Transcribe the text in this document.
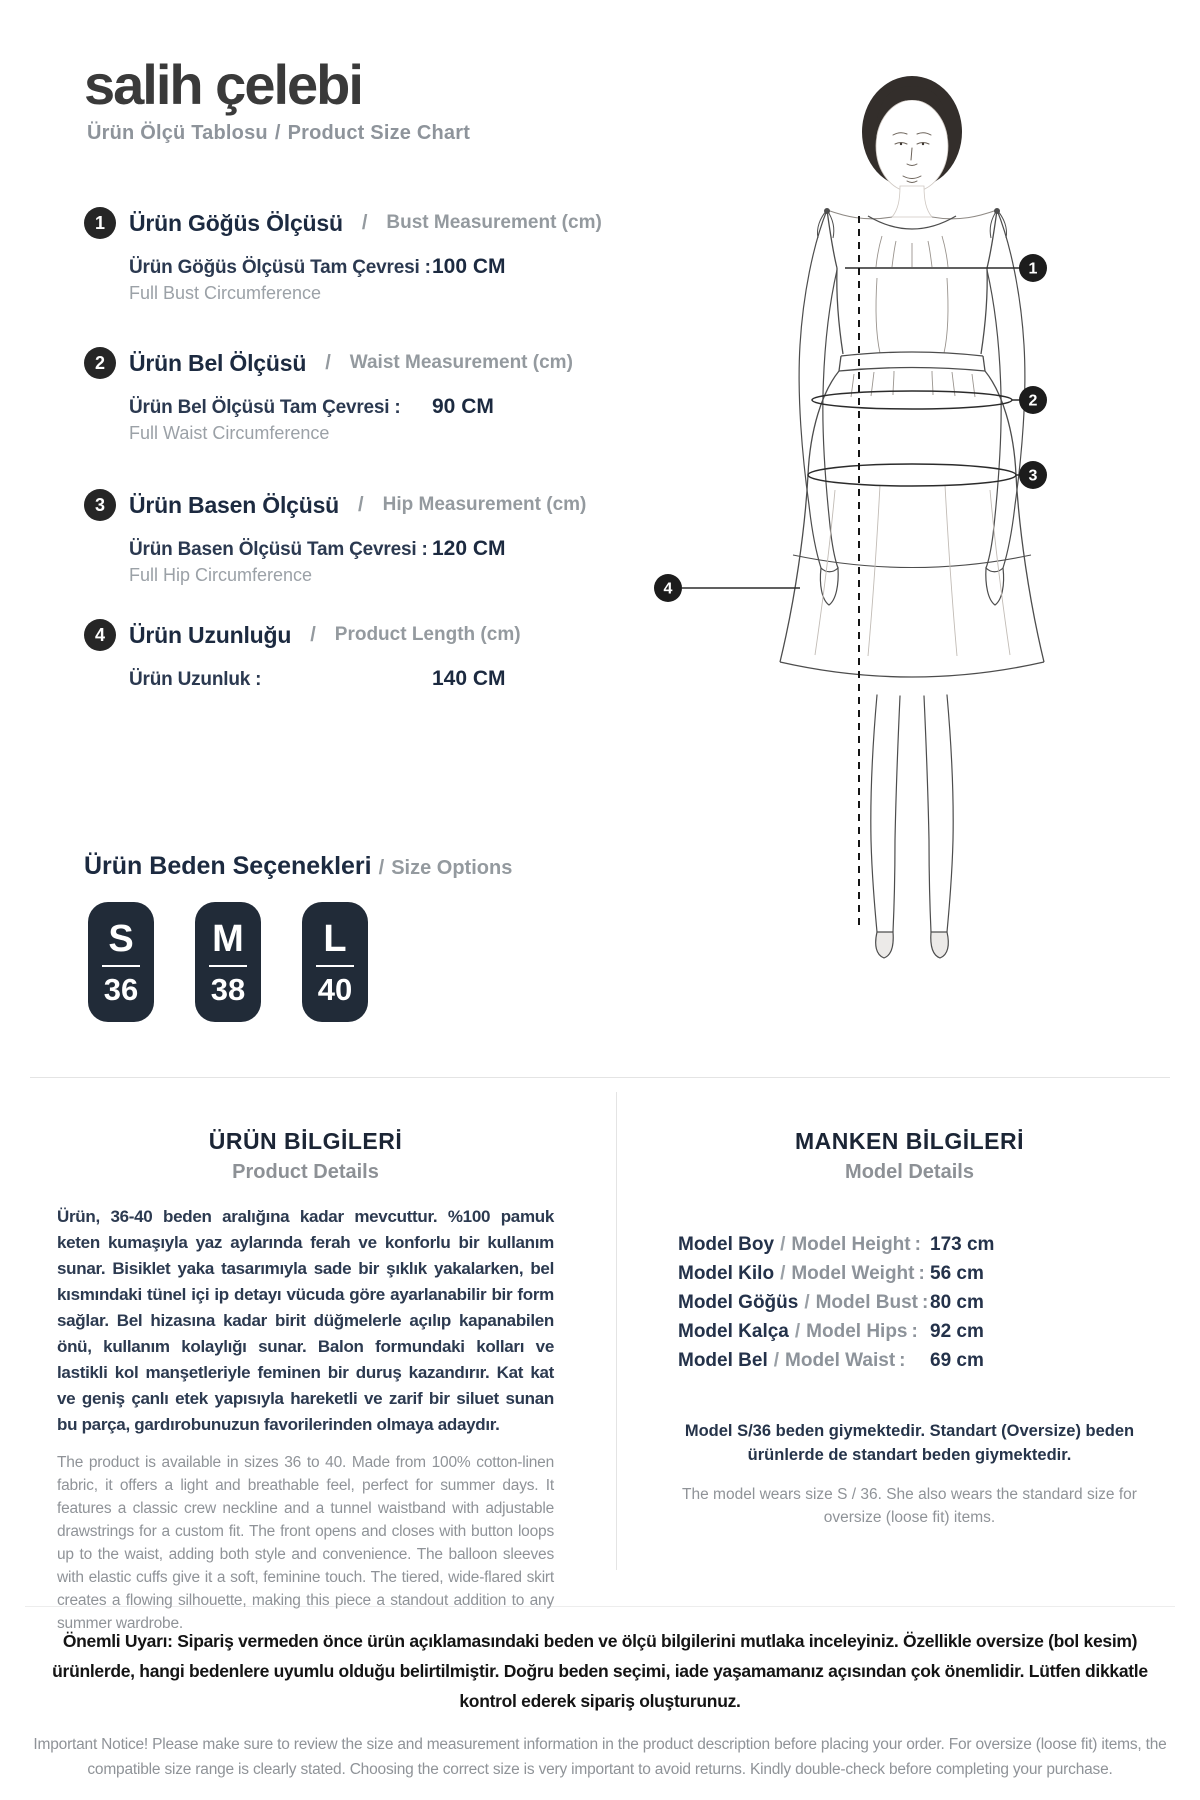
salih çelebi
Ürün Ölçü Tablosu / Product Size Chart
1	Ürün Göğüs Ölçüsü / Bust Measurement (cm)
Ürün Göğüs Ölçüsü Tam Çevresi : 100 CM
Full Bust Circumference
2	Ürün Bel Ölçüsü / Waist Measurement (cm)
Ürün Bel Ölçüsü Tam Çevresi :	90 CM
Full Waist Circumference
3	Ürün Basen Ölçüsü / Hip Measurement (cm)
Ürün Basen Ölçüsü Tam Çevresi : 120 CM
Full Hip Circumference
4	Ürün Uzunluğu / Product Length (cm)
Ürün Uzunluk :	140 CM
Ürün Beden Seçenekleri / Size Options
S
36
M
38
L
40
1
2
3
4
ÜRÜN BİLGİLERİ
Product Details
Ürün, 36-40 beden aralığına kadar mevcuttur. %100 pamuk keten kumaşıyla yaz aylarında ferah ve konforlu bir kullanım sunar. Bisiklet yaka tasarımıyla sade bir şıklık yakalarken, bel kısmındaki tünel içi ip detayı vücuda göre ayarlanabilir bir form sağlar. Bel hizasına kadar birit düğmelerle açılıp kapanabilen önü, kullanım kolaylığı sunar. Balon formundaki kolları ve lastikli kol manşetleriyle feminen bir duruş kazandırır. Kat kat ve geniş çanlı etek yapısıyla hareketli ve zarif bir siluet sunan bu parça, gardırobunuzun favorilerinden olmaya adaydır.
The product is available in sizes 36 to 40. Made from 100% cotton-linen fabric, it offers a light and breathable feel, perfect for summer days. It features a classic crew neckline and a tunnel waistband with adjustable drawstrings for a custom fit. The front opens and closes with button loops up to the waist, adding both style and convenience. The balloon sleeves with elastic cuffs give it a soft, feminine touch. The tiered, wide-flared skirt creates a flowing silhouette, making this piece a standout addition to any summer wardrobe.
MANKEN BİLGİLERİ
Model Details
Model Boy / Model Height : 173 cm
Model Kilo / Model Weight : 56 cm
Model Göğüs / Model Bust : 80 cm
Model Kalça / Model Hips : 92 cm
Model Bel / Model Waist :	69 cm
Model S/36 beden giymektedir. Standart (Oversize) beden ürünlerde de standart beden giymektedir.
The model wears size S / 36. She also wears the standard size for oversize (loose fit) items.
Önemli Uyarı: Sipariş vermeden önce ürün açıklamasındaki beden ve ölçü bilgilerini mutlaka inceleyiniz. Özellikle oversize (bol kesim) ürünlerde, hangi bedenlere uyumlu olduğu belirtilmiştir. Doğru beden seçimi, iade yaşamamanız açısından çok önemlidir. Lütfen dikkatle kontrol ederek sipariş oluşturunuz.
Important Notice! Please make sure to review the size and measurement information in the product description before placing your order. For oversize (loose fit) items, the compatible size range is clearly stated. Choosing the correct size is very important to avoid returns. Kindly double-check before completing your purchase.
